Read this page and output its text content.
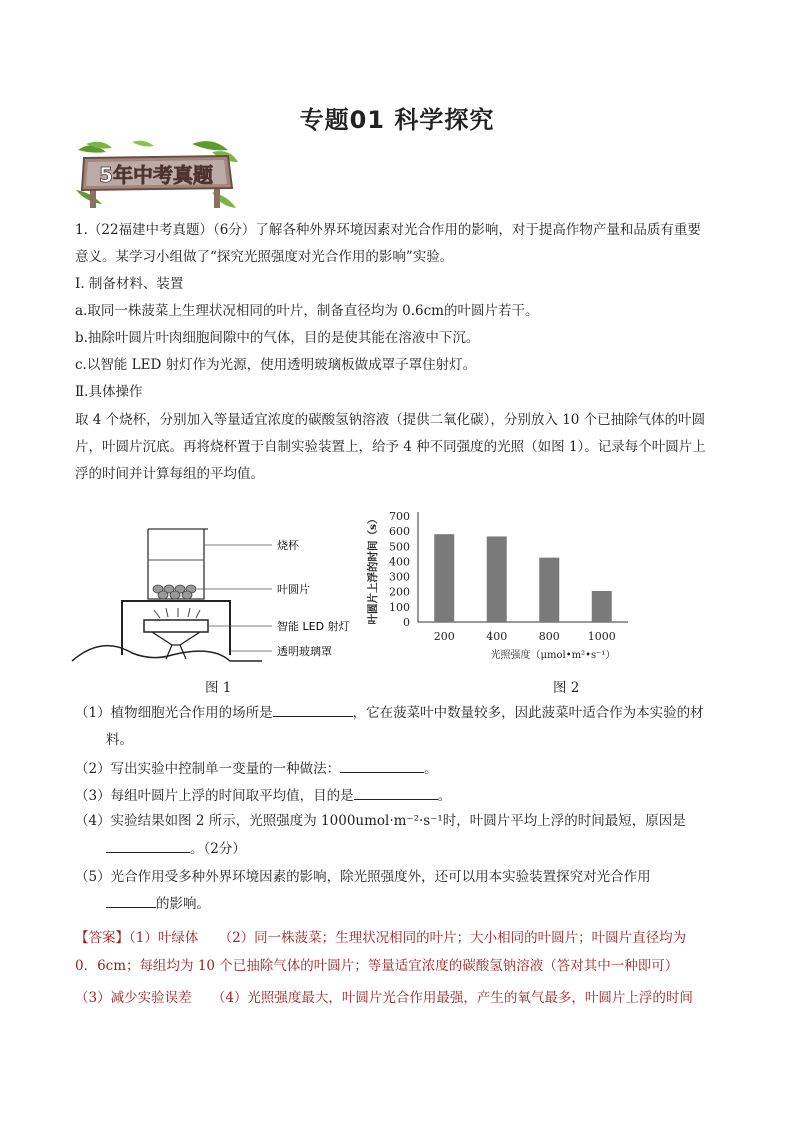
专题01 科学探究
5年中考真题
1.（22福建中考真题）（6分）了解各种外界环境因素对光合作用的影响，对于提高作物产量和品质有重要
意义。某学习小组做了“探究光照强度对光合作用的影响”实验。
I. 制备材料、装置
a.取同一株菠菜上生理状况相同的叶片，制备直径均为 0.6cm的叶圆片若干。
b.抽除叶圆片叶肉细胞间隙中的气体，目的是使其能在溶液中下沉。
c.以智能 LED 射灯作为光源，使用透明玻璃板做成罩子罩住射灯。
Ⅱ.具体操作
取 4 个烧杯，分别加入等量适宜浓度的碳酸氢钠溶液（提供二氧化碳），分别放入 10 个已抽除气体的叶圆
片，叶圆片沉底。再将烧杯置于自制实验装置上，给予 4 种不同强度的光照（如图 1）。记录每个叶圆片上
浮的时间并计算每组的平均值。
烧杯
叶圆片
智能 LED 射灯
透明玻璃罩
图 1
0
100
200
300
400
500
600
700
200	400	800	1000
光照强度（μmol•m²•s⁻¹）
叶圆片上浮的时间（s）
图 2
（1）植物细胞光合作用的场所是	，它在菠菜叶中数量较多，因此菠菜叶适合作为本实验的材
料。
（2）写出实验中控制单一变量的一种做法：	。
（3）每组叶圆片上浮的时间取平均值，目的是	。
（4）实验结果如图 2 所示，光照强度为 1000umol·m⁻²·s⁻¹时，叶圆片平均上浮的时间最短，原因是
。（2分）
（5）光合作用受多种外界环境因素的影响，除光照强度外，还可以用本实验装置探究对光合作用
的影响。
【答案】（1）叶绿体　　（2）同一株菠菜；生理状况相同的叶片；大小相同的叶圆片；叶圆片直径均为
0．6cm；每组均为 10 个已抽除气体的叶圆片；等量适宜浓度的碳酸氢钠溶液（答对其中一种即可）
（3）减少实验误差　　（4）光照强度最大，叶圆片光合作用最强，产生的氧气最多，叶圆片上浮的时间
